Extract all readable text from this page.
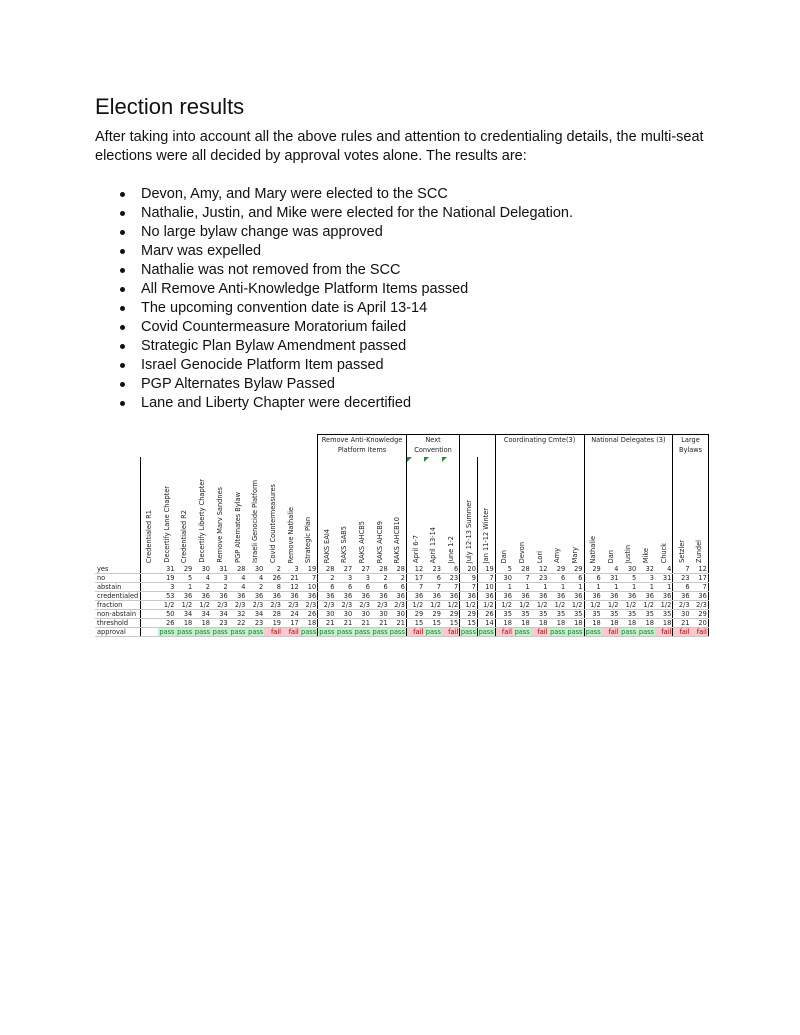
Election results

After taking into account all the above rules and attention to credentialing details, the multi-seat elections were all decided by approval votes alone. The results are:

Devon, Amy, and Mary were elected to the SCC
Nathalie, Justin, and Mike were elected for the National Delegation.
No large bylaw change was approved
Marv was expelled
Nathalie was not removed from the SCC
All Remove Anti-Knowledge Platform Items passed
The upcoming convention date is April 13-14
Covid Countermeasure Moratorium failed
Strategic Plan Bylaw Amendment passed
Israel Genocide Platform Item passed
PGP Alternates Bylaw Passed
Lane and Liberty Chapter were decertified
											Remove Anti-Knowledge Platform Items					Next Convention					Coordinating Cmte(3)					National Delegates (3)					Large Bylaws	
	Credentialed R1	Decertify Lane Chapter	Credentialed R2	Decertify Liberty Chapter	Remove Marv Sandnes	PGP Alternates Bylaw	Israeli Genocide Platform	Covid Countermeasures	Remove Nathalie	Strategic Plan	RAKS EAI4	RAKS SAB5	RAKS AHCB5	RAKS AHCB9	RAKS AHCB10	April 6-7	April 13-14	June 1-2	July 12-13 Summer	Jan 11-12 Winter	Dan	Devon	Lori	Amy	Mary	Nathalie	Dan	Justin	Mike	Chuck	Setzler	Zundel
yes		31	29	30	31	28	30	2	3	19	28	27	27	28	28	12	23	6	20	19	5	28	12	29	29	29	4	30	32	4	7	12
no		19	5	4	3	4	4	26	21	7	2	3	3	2	2	17	6	23	9	7	30	7	23	6	6	6	31	5	3	31	23	17
abstain		3	1	2	2	4	2	8	12	10	6	6	6	6	6	7	7	7	7	10	1	1	1	1	1	1	1	1	1	1	6	7
credentialed		53	36	36	36	36	36	36	36	36	36	36	36	36	36	36	36	36	36	36	36	36	36	36	36	36	36	36	36	36	36	36
fraction		1/2	1/2	1/2	2/3	2/3	2/3	2/3	2/3	2/3	2/3	2/3	2/3	2/3	2/3	1/2	1/2	1/2	1/2	1/2	1/2	1/2	1/2	1/2	1/2	1/2	1/2	1/2	1/2	1/2	2/3	2/3
non-abstain		50	34	34	34	32	34	28	24	26	30	30	30	30	30	29	29	29	29	26	35	35	35	35	35	35	35	35	35	35	30	29
threshold		26	18	18	23	22	23	19	17	18	21	21	21	21	21	15	15	15	15	14	18	18	18	18	18	18	18	18	18	18	21	20
approval		pass	pass	pass	pass	pass	pass	fail	fail	pass	pass	pass	pass	pass	pass	fail	pass	fail	pass	pass	fail	pass	fail	pass	pass	pass	fail	pass	pass	fail	fail	fail
